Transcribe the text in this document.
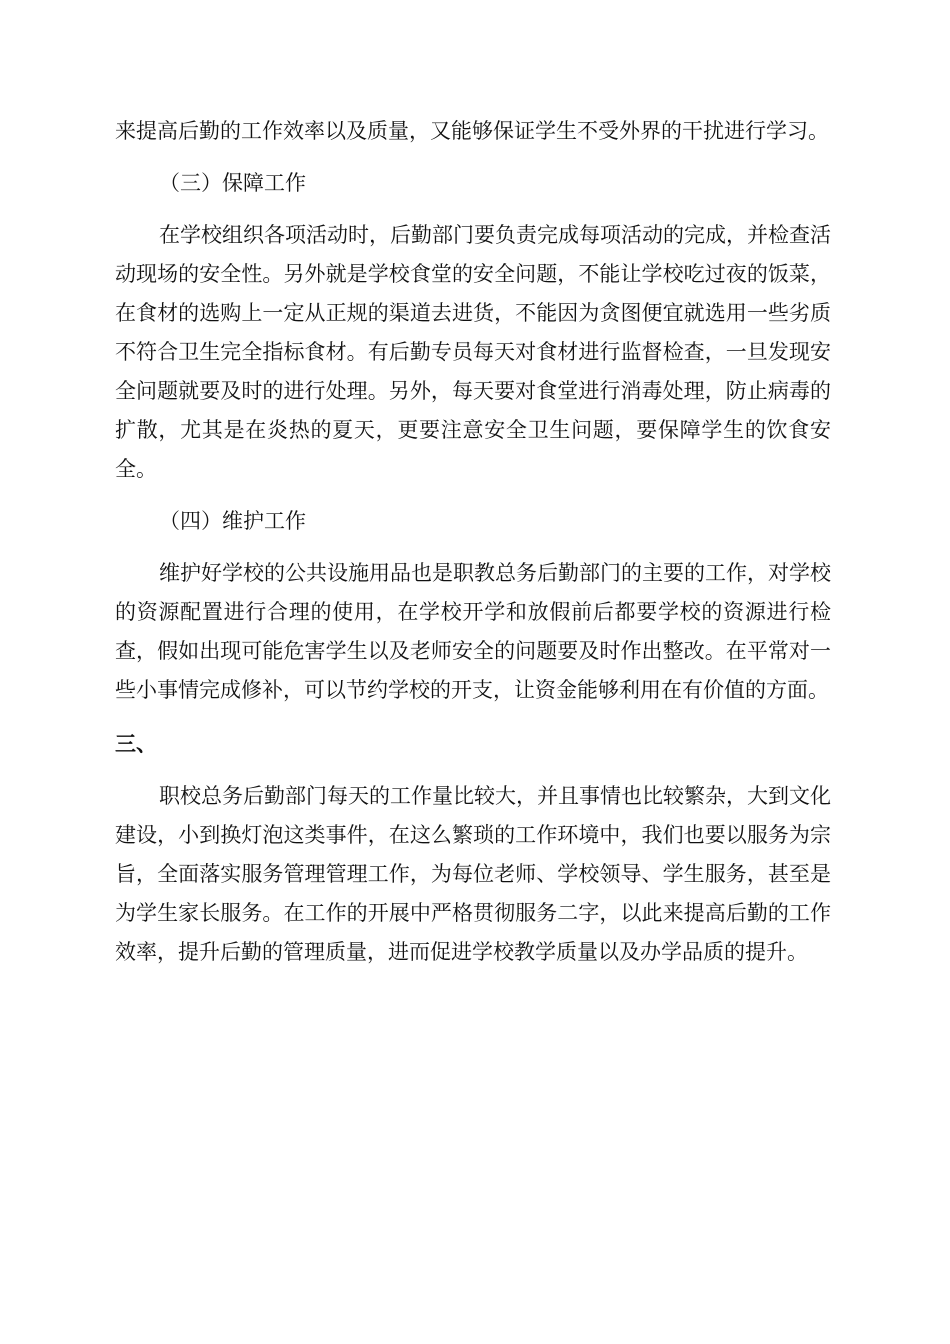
来提高后勤的工作效率以及质量，又能够保证学生不受外界的干扰进行学习。

（三）保障工作

在学校组织各项活动时，后勤部门要负责完成每项活动的完成，并检查活动现场的安全性。另外就是学校食堂的安全问题，不能让学校吃过夜的饭菜，在食材的选购上一定从正规的渠道去进货，不能因为贪图便宜就选用一些劣质不符合卫生完全指标食材。有后勤专员每天对食材进行监督检查，一旦发现安全问题就要及时的进行处理。另外，每天要对食堂进行消毒处理，防止病毒的扩散，尤其是在炎热的夏天，更要注意安全卫生问题，要保障学生的饮食安全。

（四）维护工作

维护好学校的公共设施用品也是职教总务后勤部门的主要的工作，对学校的资源配置进行合理的使用，在学校开学和放假前后都要学校的资源进行检查，假如出现可能危害学生以及老师安全的问题要及时作出整改。在平常对一些小事情完成修补，可以节约学校的开支，让资金能够利用在有价值的方面。

三、

职校总务后勤部门每天的工作量比较大，并且事情也比较繁杂，大到文化建设，小到换灯泡这类事件，在这么繁琐的工作环境中，我们也要以服务为宗旨，全面落实服务管理管理工作，为每位老师、学校领导、学生服务，甚至是为学生家长服务。在工作的开展中严格贯彻服务二字，以此来提高后勤的工作效率，提升后勤的管理质量，进而促进学校教学质量以及办学品质的提升。
